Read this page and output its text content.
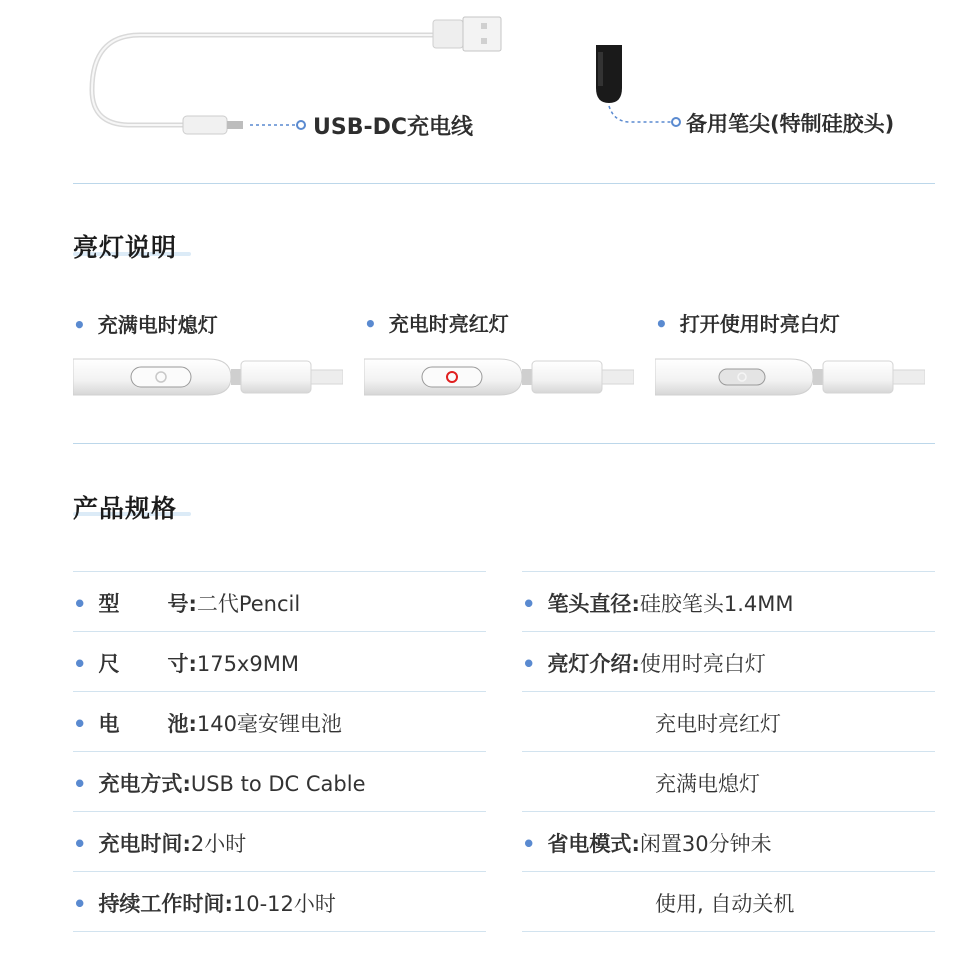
USB-DC充电线	备用笔尖(特制硅胶头)
亮灯说明
• 充满电时熄灯	• 充电时亮红灯	• 打开使用时亮白灯
产品规格
• 型 号:二代Pencil
• 尺 寸:175x9MM
• 电 池:140毫安锂电池
• 充电方式:USB to DC Cable
• 充电时间:2小时
• 持续工作时间:10-12小时
• 笔头直径:硅胶笔头1.4MM
• 亮灯介绍:使用时亮白灯
充电时亮红灯
充满电熄灯
• 省电模式:闲置30分钟未
使用, 自动关机
